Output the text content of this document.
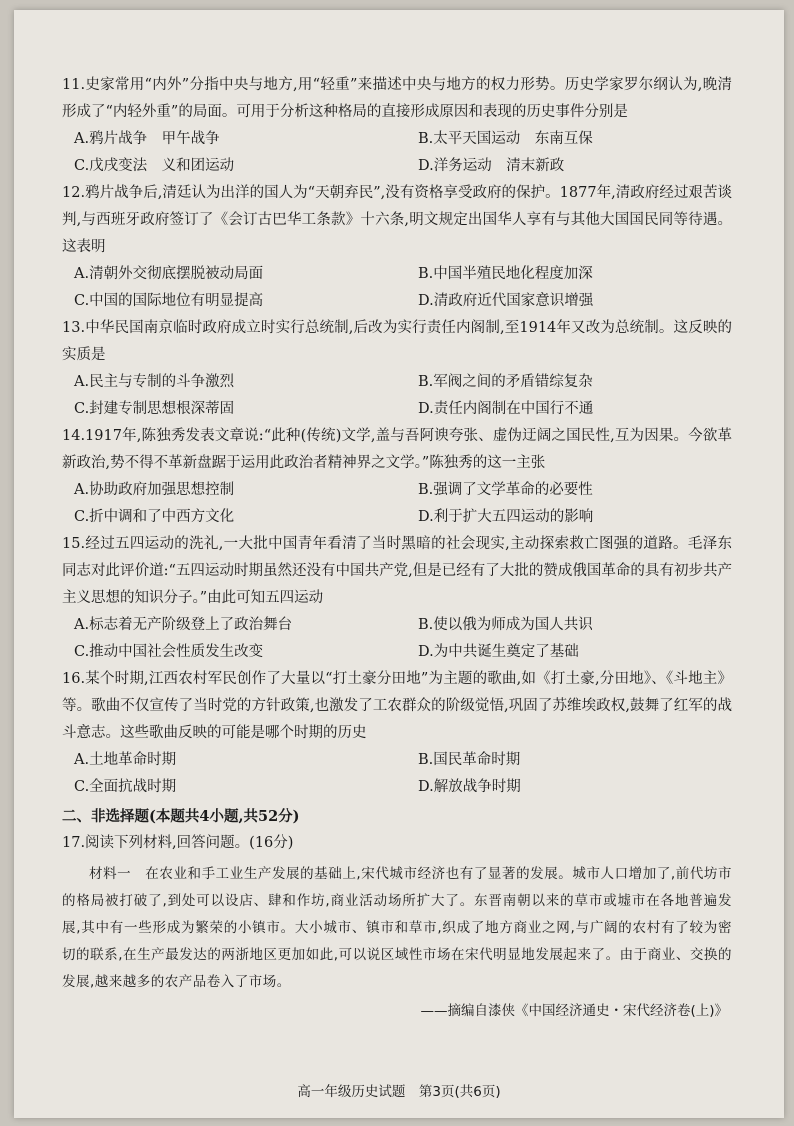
11.史家常用“内外”分指中央与地方,用“轻重”来描述中央与地方的权力形势。历史学家罗尔纲认为,晚清形成了“内轻外重”的局面。可用于分析这种格局的直接形成原因和表现的历史事件分别是

A.鸦片战争　甲午战争	B.太平天国运动　东南互保
C.戊戌变法　义和团运动	D.洋务运动　清末新政

12.鸦片战争后,清廷认为出洋的国人为“天朝弃民”,没有资格享受政府的保护。1877年,清政府经过艰苦谈判,与西班牙政府签订了《会订古巴华工条款》十六条,明文规定出国华人享有与其他大国国民同等待遇。这表明

A.清朝外交彻底摆脱被动局面	B.中国半殖民地化程度加深
C.中国的国际地位有明显提高	D.清政府近代国家意识增强

13.中华民国南京临时政府成立时实行总统制,后改为实行责任内阁制,至1914年又改为总统制。这反映的实质是

A.民主与专制的斗争激烈	B.军阀之间的矛盾错综复杂
C.封建专制思想根深蒂固	D.责任内阁制在中国行不通

14.1917年,陈独秀发表文章说:“此种(传统)文学,盖与吾阿谀夸张、虚伪迂阔之国民性,互为因果。今欲革新政治,势不得不革新盘踞于运用此政治者精神界之文学。”陈独秀的这一主张

A.协助政府加强思想控制	B.强调了文学革命的必要性
C.折中调和了中西方文化	D.利于扩大五四运动的影响

15.经过五四运动的洗礼,一大批中国青年看清了当时黑暗的社会现实,主动探索救亡图强的道路。毛泽东同志对此评价道:“五四运动时期虽然还没有中国共产党,但是已经有了大批的赞成俄国革命的具有初步共产主义思想的知识分子。”由此可知五四运动

A.标志着无产阶级登上了政治舞台	B.使以俄为师成为国人共识
C.推动中国社会性质发生改变	D.为中共诞生奠定了基础

16.某个时期,江西农村军民创作了大量以“打土豪分田地”为主题的歌曲,如《打土豪,分田地》、《斗地主》等。歌曲不仅宣传了当时党的方针政策,也激发了工农群众的阶级觉悟,巩固了苏维埃政权,鼓舞了红军的战斗意志。这些歌曲反映的可能是哪个时期的历史

A.土地革命时期	B.国民革命时期
C.全面抗战时期	D.解放战争时期

二、非选择题(本题共4小题,共52分)

17.阅读下列材料,回答问题。(16分)

材料一　在农业和手工业生产发展的基础上,宋代城市经济也有了显著的发展。城市人口增加了,前代坊市的格局被打破了,到处可以设店、肆和作坊,商业活动场所扩大了。东晋南朝以来的草市或墟市在各地普遍发展,其中有一些形成为繁荣的小镇市。大小城市、镇市和草市,织成了地方商业之网,与广阔的农村有了较为密切的联系,在生产最发达的两浙地区更加如此,可以说区域性市场在宋代明显地发展起来了。由于商业、交换的发展,越来越多的农产品卷入了市场。

——摘编自漆侠《中国经济通史・宋代经济卷(上)》
高一年级历史试题　第3页(共6页)
